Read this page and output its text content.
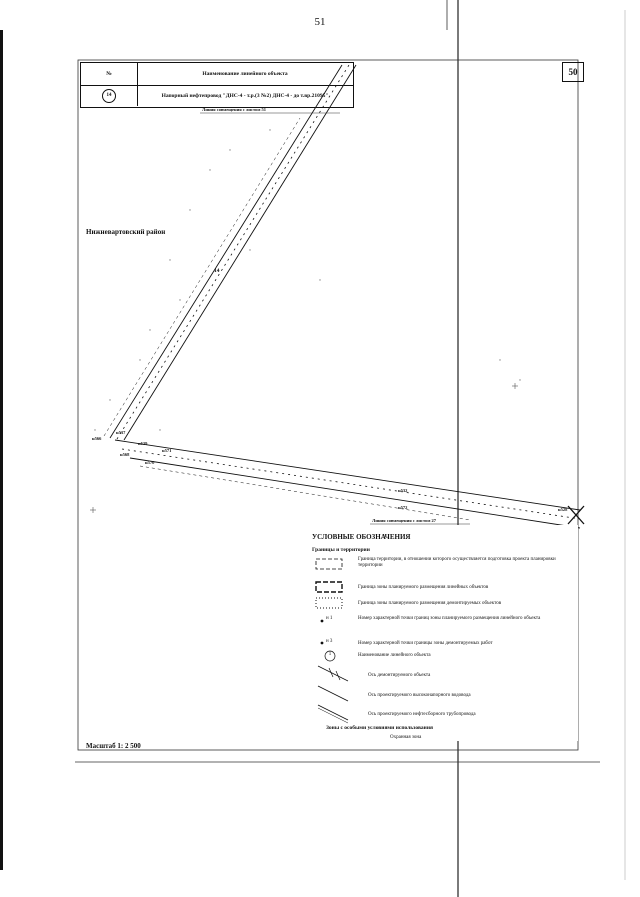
51
50
№	Наименование линейного объекта
14	Напорный нефтепровод "ДНС-4 - т.р.(3 №2) ДНС-4 - до т.вр.21095"
Линия совмещения с листом 51
Линия совмещения с листом 27
Нижневартовский район
14
н566
н537
н539
н568
н571
н570
н532
н572	н528
УСЛОВНЫЕ ОБОЗНАЧЕНИЯ
Границы и территории
Граница территории, в отношении которого осуществляется подготовка проекта планировки территории
Граница зоны планируемого размещения линейных объектов
Граница зоны планируемого размещения демонтируемых объектов
н 1	Номер характерной точки границ зоны планируемого размещения линейного объекта
н 3	Номер характерной точки границы зоны демонтируемых работ
1	Наименование линейного объекта
Ось демонтируемого объекта
Ось проектируемого высоконапорного водовода
Ось проектируемого нефтесборного трубопровода
Зоны с особыми условиями использования
Охранная зона
Масштаб 1: 2 500
